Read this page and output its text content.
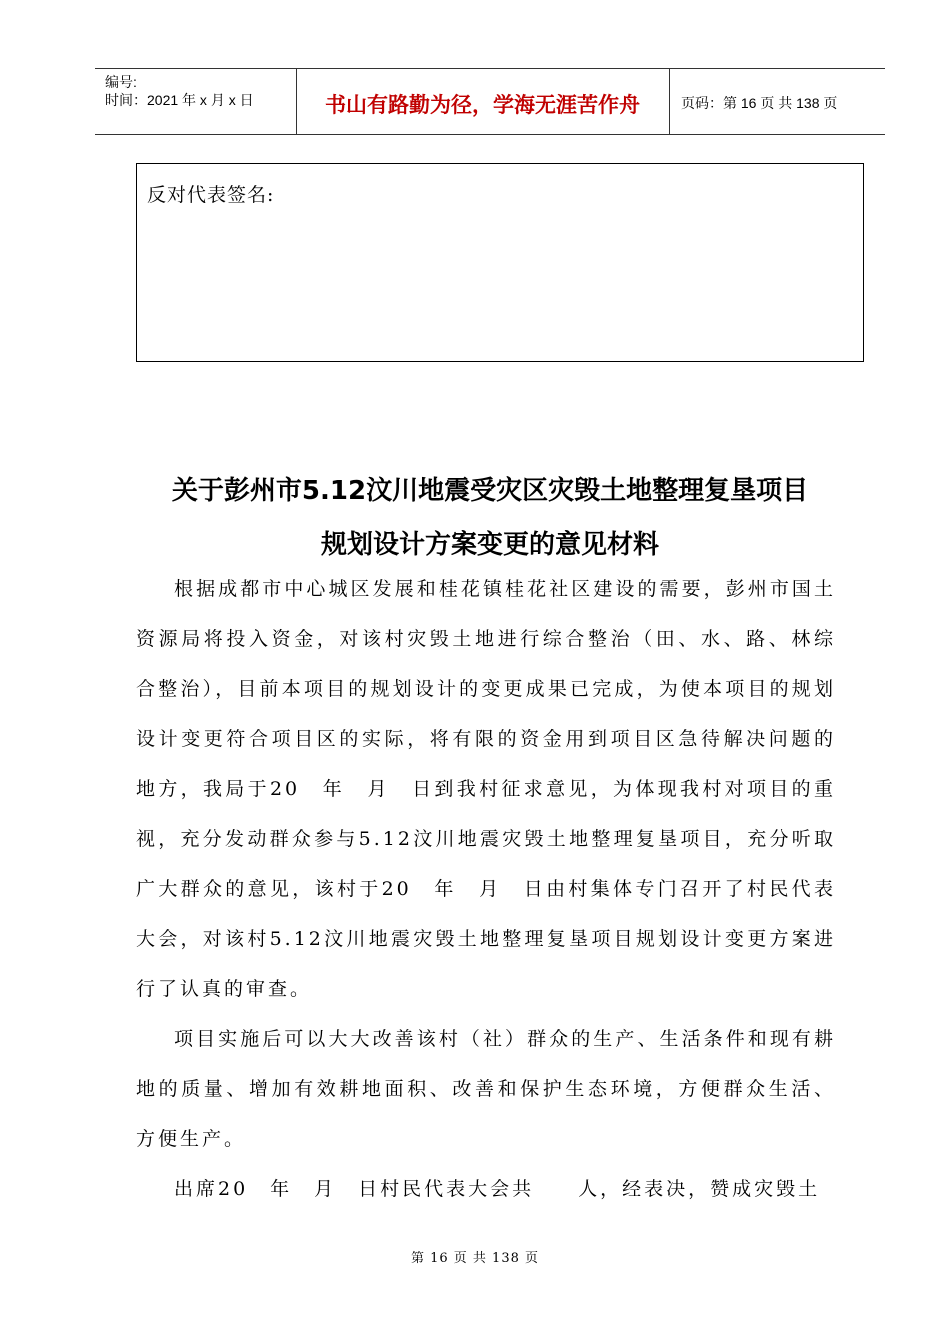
编号:
时间：2021 年 x 月 x 日	书山有路勤为径，学海无涯苦作舟	页码：第 16 页 共 138 页
反对代表签名:
关于彭州市5.12汶川地震受灾区灾毁土地整理复垦项目
规划设计方案变更的意见材料

根据成都市中心城区发展和桂花镇桂花社区建设的需要，彭州市国土资源局将投入资金，对该村灾毁土地进行综合整治（田、水、路、林综合整治），目前本项目的规划设计的变更成果已完成，为使本项目的规划设计变更符合项目区的实际，将有限的资金用到项目区急待解决问题的地方，我局于20　年　月　日到我村征求意见，为体现我村对项目的重视，充分发动群众参与5.12汶川地震灾毁土地整理复垦项目，充分听取广大群众的意见，该村于20　年　月　日由村集体专门召开了村民代表大会，对该村5.12汶川地震灾毁土地整理复垦项目规划设计变更方案进行了认真的审查。

项目实施后可以大大改善该村（社）群众的生产、生活条件和现有耕地的质量、增加有效耕地面积、改善和保护生态环境，方便群众生活、方便生产。

出席20　年　月　日村民代表大会共　　人，经表决，赞成灾毁土

第 16 页 共 138 页
